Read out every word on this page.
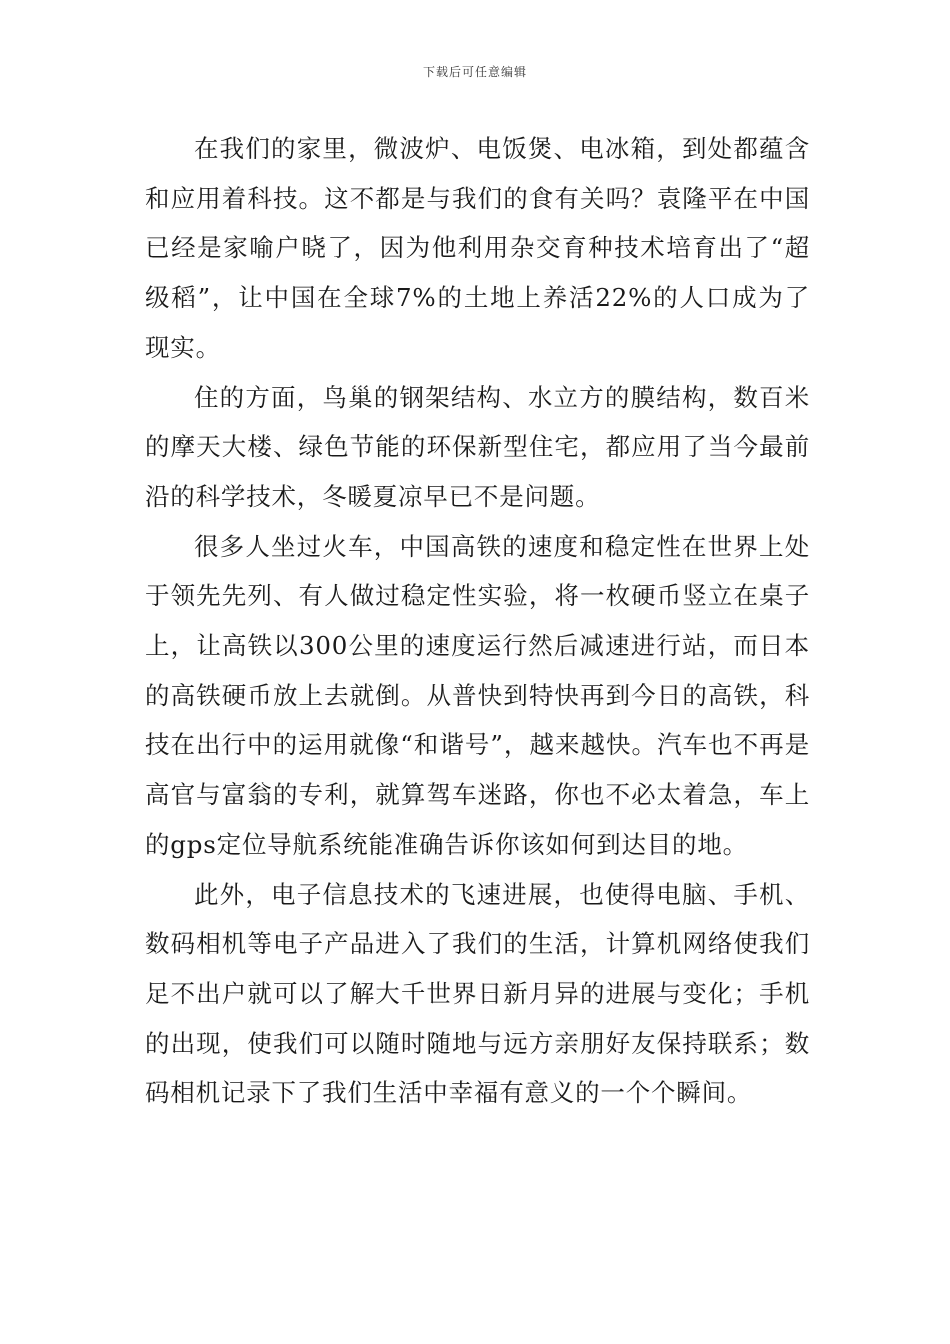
下载后可任意编辑

在我们的家里，微波炉、电饭煲、电冰箱，到处都蕴含和应用着科技。这不都是与我们的食有关吗？袁隆平在中国已经是家喻户晓了，因为他利用杂交育种技术培育出了“超级稻”，让中国在全球7%的土地上养活22%的人口成为了现实。

住的方面，鸟巢的钢架结构、水立方的膜结构，数百米的摩天大楼、绿色节能的环保新型住宅，都应用了当今最前沿的科学技术，冬暖夏凉早已不是问题。

很多人坐过火车，中国高铁的速度和稳定性在世界上处于领先先列、有人做过稳定性实验，将一枚硬币竖立在桌子上，让高铁以300公里的速度运行然后减速进行站，而日本的高铁硬币放上去就倒。从普快到特快再到今日的高铁，科技在出行中的运用就像“和谐号”，越来越快。汽车也不再是高官与富翁的专利，就算驾车迷路，你也不必太着急，车上的gps定位导航系统能准确告诉你该如何到达目的地。

此外，电子信息技术的飞速进展，也使得电脑、手机、数码相机等电子产品进入了我们的生活，计算机网络使我们足不出户就可以了解大千世界日新月异的进展与变化；手机的出现，使我们可以随时随地与远方亲朋好友保持联系；数码相机记录下了我们生活中幸福有意义的一个个瞬间。
